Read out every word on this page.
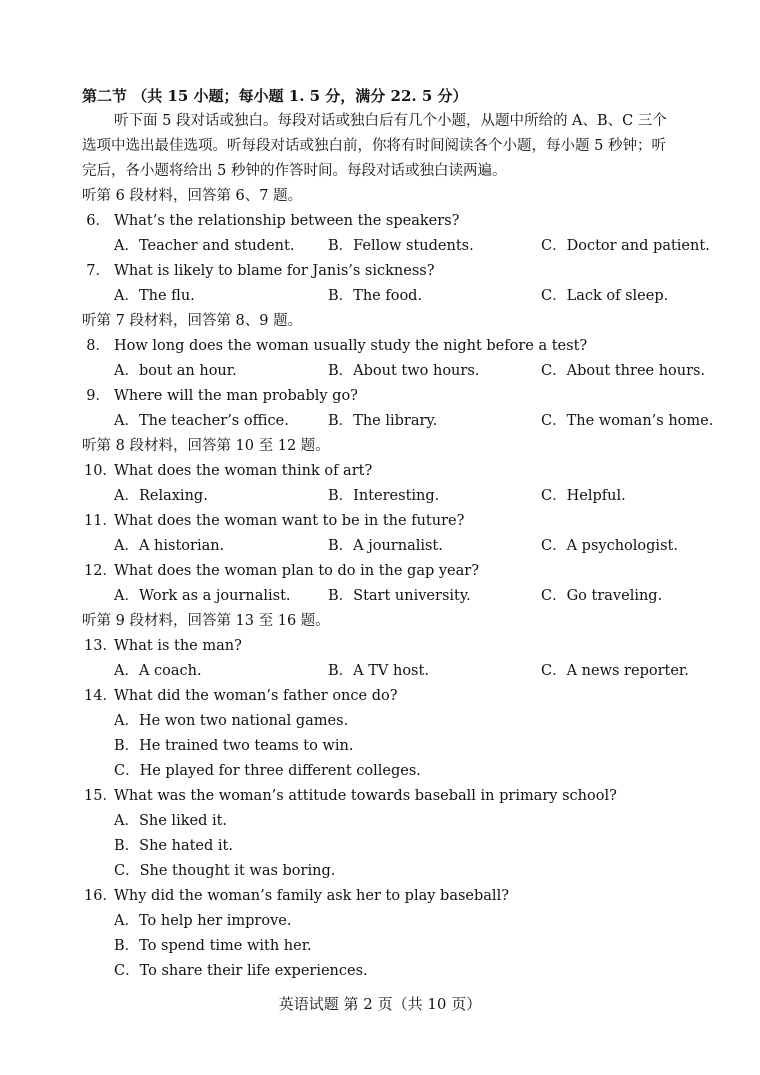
第二节 （共 15 小题；每小题 1. 5 分，满分 22. 5 分）
听下面 5 段对话或独白。每段对话或独白后有几个小题，从题中所给的 A、B、C 三个
选项中选出最佳选项。听每段对话或独白前，你将有时间阅读各个小题，每小题 5 秒钟；听
完后，各小题将给出 5 秒钟的作答时间。每段对话或独白读两遍。
听第 6 段材料，回答第 6、7 题。
6． What’s the relationship between the speakers?
A．Teacher and student. B．Fellow students.	C．Doctor and patient.
7． What is likely to blame for Janis’s sickness?
A．The flu.	B．The food.	C．Lack of sleep.
听第 7 段材料，回答第 8、9 题。
8． How long does the woman usually study the night before a test?
A．bout an hour.	B．About two hours.	C．About three hours.
9． Where will the man probably go?
A．The teacher’s office.	B．The library.	C．The woman’s home.
听第 8 段材料，回答第 10 至 12 题。
10．
What does the woman think of art?
A．Relaxing.	B．Interesting.	C．Helpful.
11．
What does the woman want to be in the future?
A．A historian.	B．A journalist.	C．A psychologist.
12．
What does the woman plan to do in the gap year?
A．Work as a journalist.	B．Start university.	C．Go traveling.
听第 9 段材料，回答第 13 至 16 题。
13．
What is the man?
A．A coach.	B．A TV host.	C．A news reporter.
14．
What did the woman’s father once do?
A．He won two national games.
B．He trained two teams to win.
C．He played for three different colleges.
15．
What was the woman’s attitude towards baseball in primary school?
A．She liked it.
B．She hated it.
C．She thought it was boring.
16．
Why did the woman’s family ask her to play baseball?
A．To help her improve.
B．To spend time with her.
C．To share their life experiences.
英语试题 第 2 页（共 10 页）
